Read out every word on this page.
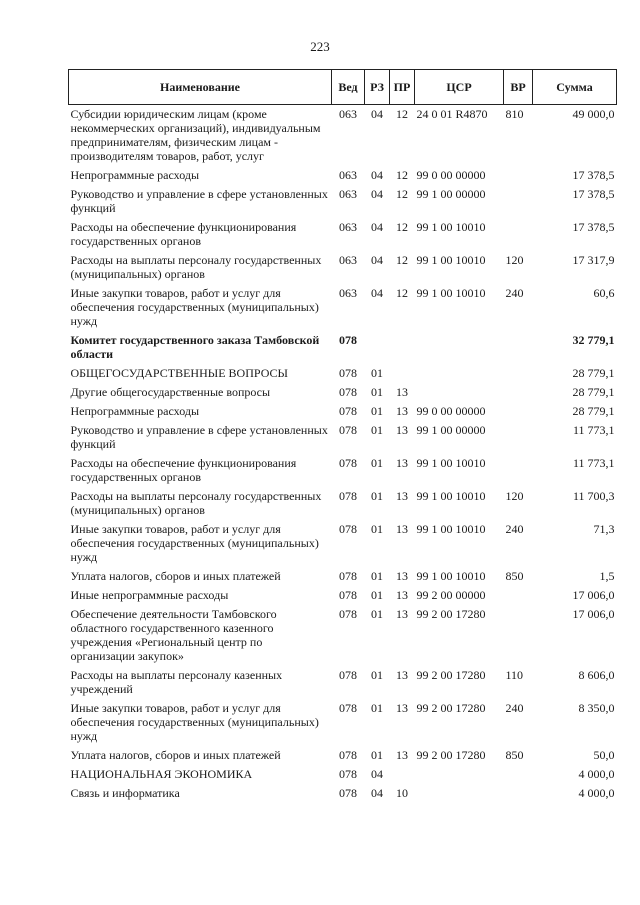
223
Наименование	Вед	РЗ	ПР	ЦСР	ВР	Сумма
Субсидии юридическим лицам (кроме некоммерческих организаций), индивидуальным предпринимателям, физическим лицам - производителям товаров, работ, услуг	063	04	12	24 0 01 R4870	810	49 000,0
Непрограммные расходы	063	04	12	99 0 00 00000		17 378,5
Руководство и управление в сфере установленных функций	063	04	12	99 1 00 00000		17 378,5
Расходы на обеспечение функционирования государственных органов	063	04	12	99 1 00 10010		17 378,5
Расходы на выплаты персоналу государственных (муниципальных) органов	063	04	12	99 1 00 10010	120	17 317,9
Иные закупки товаров, работ и услуг для обеспечения государственных (муниципальных) нужд	063	04	12	99 1 00 10010	240	60,6
Комитет государственного заказа Тамбовской области	078					32 779,1
ОБЩЕГОСУДАРСТВЕННЫЕ ВОПРОСЫ	078	01				28 779,1
Другие общегосударственные вопросы	078	01	13			28 779,1
Непрограммные расходы	078	01	13	99 0 00 00000		28 779,1
Руководство и управление в сфере установленных функций	078	01	13	99 1 00 00000		11 773,1
Расходы на обеспечение функционирования государственных органов	078	01	13	99 1 00 10010		11 773,1
Расходы на выплаты персоналу государственных (муниципальных) органов	078	01	13	99 1 00 10010	120	11 700,3
Иные закупки товаров, работ и услуг для обеспечения государственных (муниципальных) нужд	078	01	13	99 1 00 10010	240	71,3
Уплата налогов, сборов и иных платежей	078	01	13	99 1 00 10010	850	1,5
Иные непрограммные расходы	078	01	13	99 2 00 00000		17 006,0
Обеспечение деятельности Тамбовского областного государственного казенного учреждения «Региональный центр по организации закупок»	078	01	13	99 2 00 17280		17 006,0
Расходы на выплаты персоналу казенных учреждений	078	01	13	99 2 00 17280	110	8 606,0
Иные закупки товаров, работ и услуг для обеспечения государственных (муниципальных) нужд	078	01	13	99 2 00 17280	240	8 350,0
Уплата налогов, сборов и иных платежей	078	01	13	99 2 00 17280	850	50,0
НАЦИОНАЛЬНАЯ ЭКОНОМИКА	078	04				4 000,0
Связь и информатика	078	04	10			4 000,0
